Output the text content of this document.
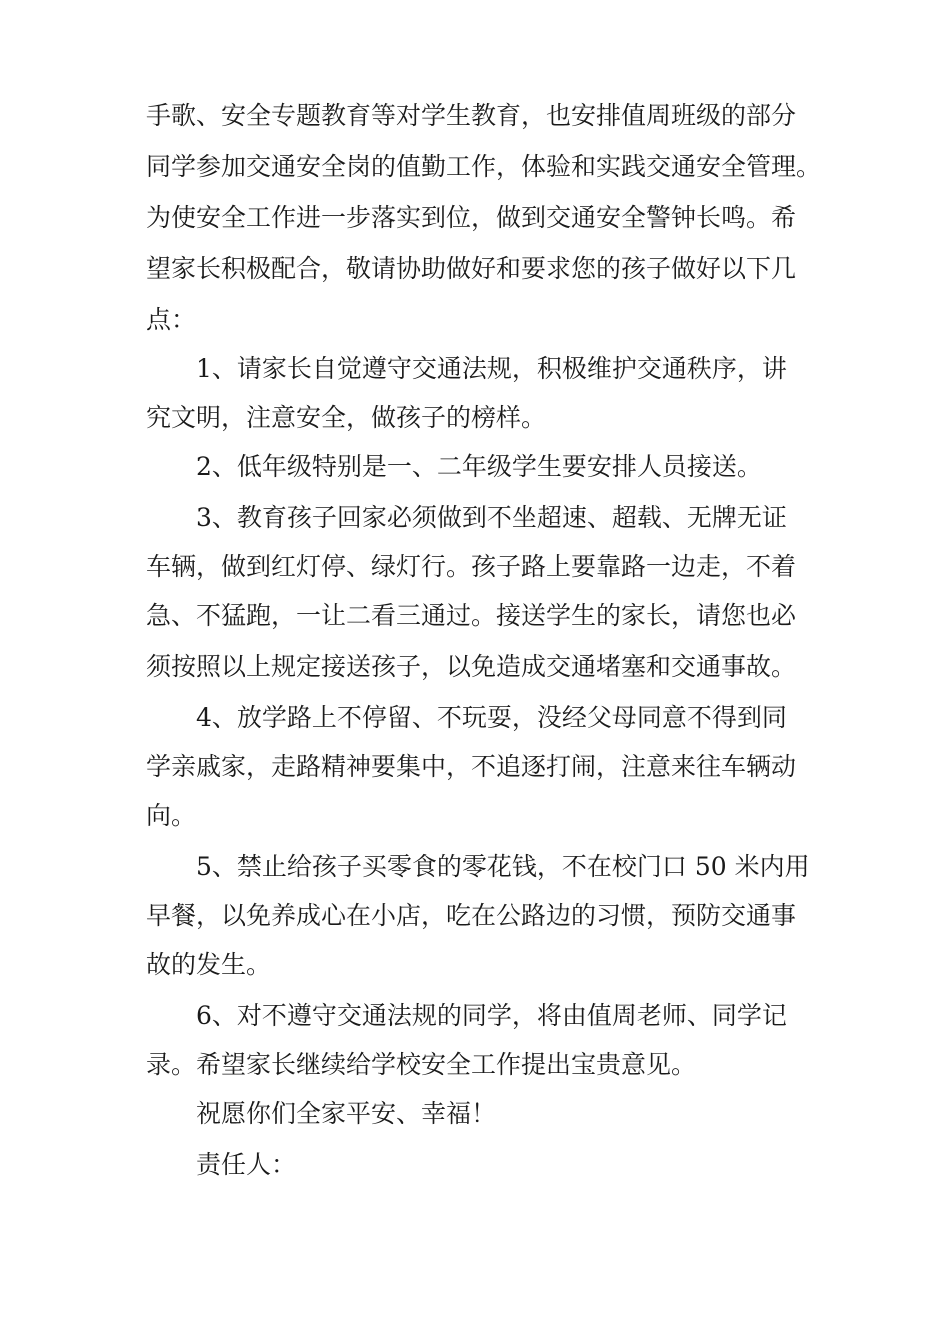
手歌、安全专题教育等对学生教育，也安排值周班级的部分
同学参加交通安全岗的值勤工作，体验和实践交通安全管理。
为使安全工作进一步落实到位，做到交通安全警钟长鸣。希
望家长积极配合，敬请协助做好和要求您的孩子做好以下几
点：
1、请家长自觉遵守交通法规，积极维护交通秩序，讲
究文明，注意安全，做孩子的榜样。
2、低年级特别是一、二年级学生要安排人员接送。
3、教育孩子回家必须做到不坐超速、超载、无牌无证
车辆，做到红灯停、绿灯行。孩子路上要靠路一边走，不着
急、不猛跑，一让二看三通过。接送学生的家长，请您也必
须按照以上规定接送孩子，以免造成交通堵塞和交通事故。
4、放学路上不停留、不玩耍，没经父母同意不得到同
学亲戚家，走路精神要集中，不追逐打闹，注意来往车辆动
向。
5、禁止给孩子买零食的零花钱，不在校门口 50 米内用
早餐，以免养成心在小店，吃在公路边的习惯，预防交通事
故的发生。
6、对不遵守交通法规的同学，将由值周老师、同学记
录。希望家长继续给学校安全工作提出宝贵意见。
祝愿你们全家平安、幸福！
责任人：
